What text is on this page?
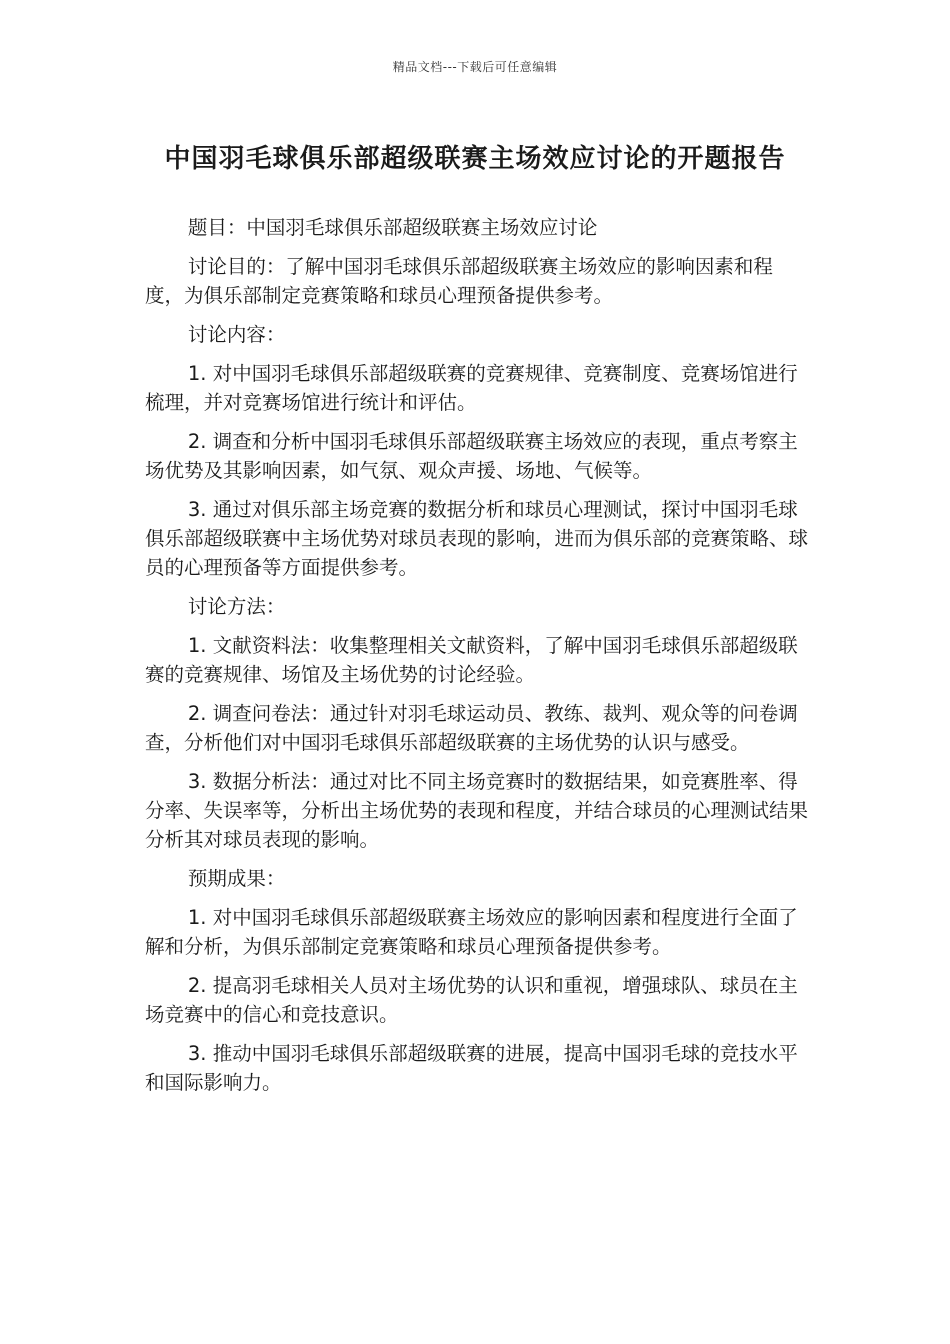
精品文档---下载后可任意编辑
中国羽毛球俱乐部超级联赛主场效应讨论的开题报告

题目：中国羽毛球俱乐部超级联赛主场效应讨论

讨论目的：了解中国羽毛球俱乐部超级联赛主场效应的影响因素和程度，为俱乐部制定竞赛策略和球员心理预备提供参考。

讨论内容：

1. 对中国羽毛球俱乐部超级联赛的竞赛规律、竞赛制度、竞赛场馆进行梳理，并对竞赛场馆进行统计和评估。

2. 调查和分析中国羽毛球俱乐部超级联赛主场效应的表现，重点考察主场优势及其影响因素，如气氛、观众声援、场地、气候等。

3. 通过对俱乐部主场竞赛的数据分析和球员心理测试，探讨中国羽毛球俱乐部超级联赛中主场优势对球员表现的影响，进而为俱乐部的竞赛策略、球员的心理预备等方面提供参考。

讨论方法：

1. 文献资料法：收集整理相关文献资料，了解中国羽毛球俱乐部超级联赛的竞赛规律、场馆及主场优势的讨论经验。

2. 调查问卷法：通过针对羽毛球运动员、教练、裁判、观众等的问卷调查，分析他们对中国羽毛球俱乐部超级联赛的主场优势的认识与感受。

3. 数据分析法：通过对比不同主场竞赛时的数据结果，如竞赛胜率、得分率、失误率等，分析出主场优势的表现和程度，并结合球员的心理测试结果分析其对球员表现的影响。

预期成果：

1. 对中国羽毛球俱乐部超级联赛主场效应的影响因素和程度进行全面了解和分析，为俱乐部制定竞赛策略和球员心理预备提供参考。

2. 提高羽毛球相关人员对主场优势的认识和重视，增强球队、球员在主场竞赛中的信心和竞技意识。

3. 推动中国羽毛球俱乐部超级联赛的进展，提高中国羽毛球的竞技水平和国际影响力。
